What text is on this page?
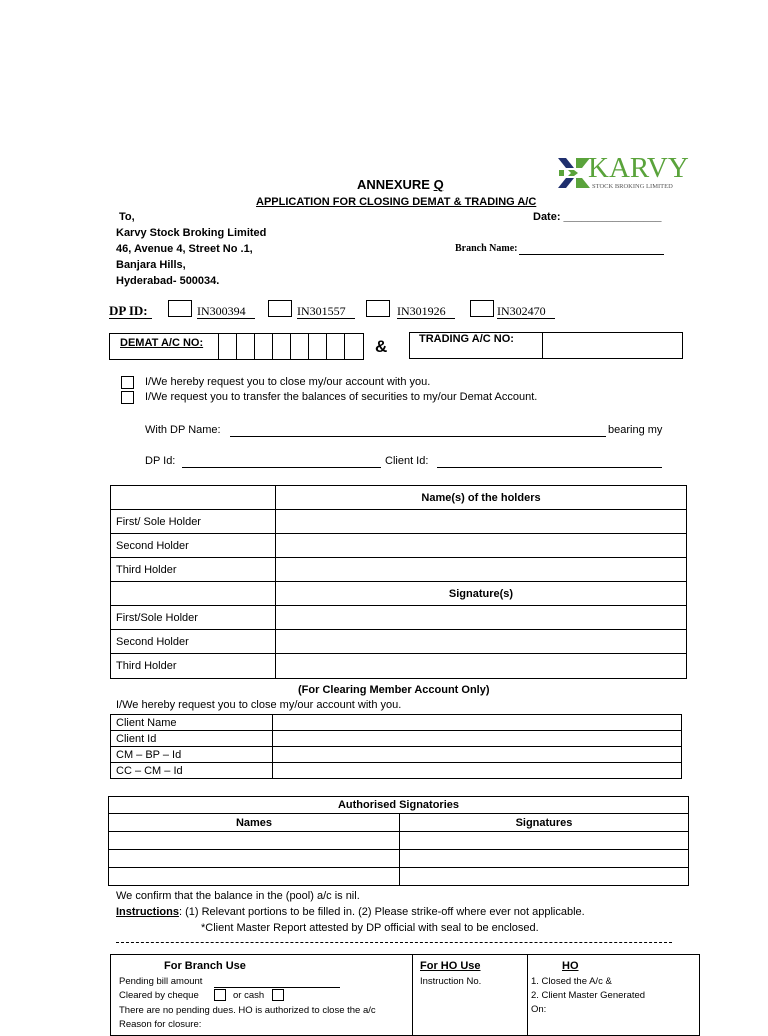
KARVY
STOCK BROKING LIMITED
ANNEXURE Q
APPLICATION FOR CLOSING DEMAT & TRADING A/C
To,
Karvy Stock Broking Limited
46, Avenue 4, Street No .1,
Banjara Hills,
Hyderabad- 500034.
Date: ________________
Branch Name:
DP ID:	IN300394	IN301557	IN301926	IN302470
DEMAT A/C NO:	&	TRADING A/C NO:
I/We hereby request you to close my/our account with you.
I/We request you to transfer the balances of securities to my/our Demat Account.
With DP Name:	bearing my
DP Id:	Client Id:
	Name(s) of the holders
First/ Sole Holder	
Second Holder	
Third Holder	
	Signature(s)
First/Sole Holder	
Second Holder	
Third Holder	
(For Clearing Member Account Only)
I/We hereby request you to close my/our account with you.
Client Name	
Client Id	
CM – BP – Id	
CC – CM – Id	
Authorised Signatories	
Names	Signatures

We confirm that the balance in the (pool) a/c is nil.
Instructions: (1) Relevant portions to be filled in. (2) Please strike-off where ever not applicable.
*Client Master Report attested by DP official with seal to be enclosed.
For Branch Use
Pending bill amount
Cleared by cheque	or cash
There are no pending dues. HO is authorized to close the a/c
Reason for closure:
For HO Use
Instruction No.
HO
1. Closed the A/c &
2. Client Master Generated
On:
